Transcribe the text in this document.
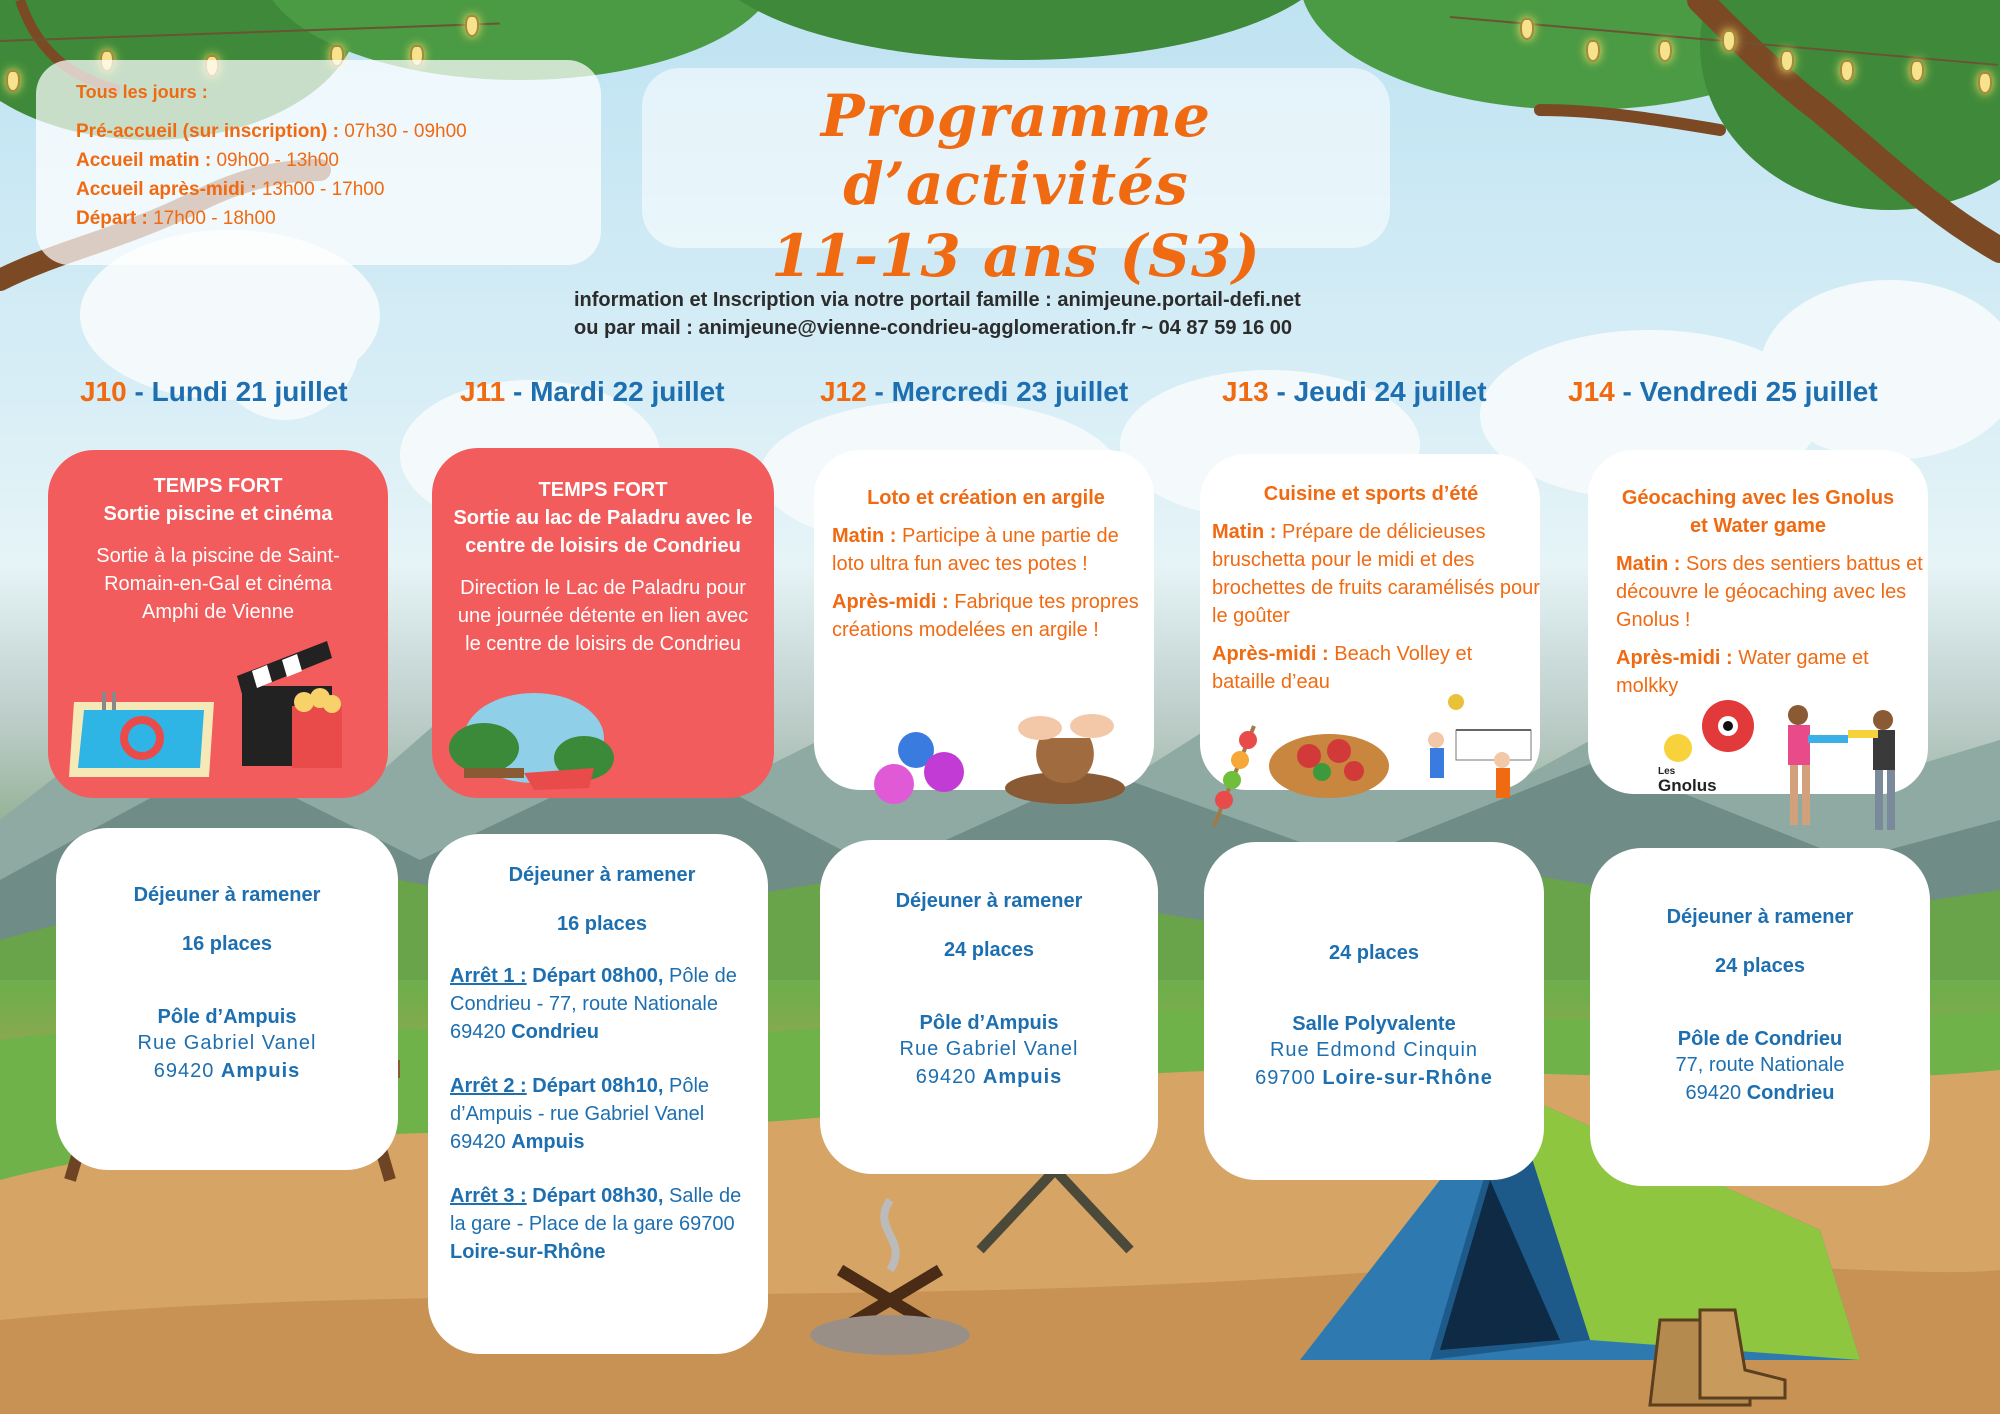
Tous les jours :
Pré-accueil (sur inscription) : 07h30 - 09h00
Accueil matin : 09h00 - 13h00
Accueil après-midi : 13h00 - 17h00
Départ : 17h00 - 18h00
Programme d’activités
11-13 ans (S3)
information et Inscription via notre portail famille : animjeune.portail-defi.net
ou par mail : animjeune@vienne-condrieu-agglomeration.fr ~ 04 87 59 16 00
J10 - Lundi 21 juillet	J11 - Mardi 22 juillet	J12 - Mercredi 23 juillet	J13 - Jeudi 24 juillet	J14 - Vendredi 25 juillet
TEMPS FORT
Sortie piscine et cinéma
Sortie à la piscine de Saint-Romain-en-Gal et cinéma Amphi de Vienne
TEMPS FORT
Sortie au lac de Paladru avec le centre de loisirs de Condrieu
Direction le Lac de Paladru pour une journée détente en lien avec le centre de loisirs de Condrieu
Loto et création en argile
Matin : Participe à une partie de loto ultra fun avec tes potes !
Après-midi : Fabrique tes propres créations modelées en argile !
Cuisine et sports d’été
Matin : Prépare de délicieuses bruschetta pour le midi et des brochettes de fruits caramélisés pour le goûter
Après-midi : Beach Volley et bataille d’eau
Géocaching avec les Gnolus et Water game
Matin : Sors des sentiers battus et découvre le géocaching avec les Gnolus !
Après-midi : Water game et molkky
Les
Gnolus
Déjeuner à ramener
16 places
Pôle d’Ampuis
Rue Gabriel Vanel
69420 Ampuis
Déjeuner à ramener
16 places
Arrêt 1 : Départ 08h00, Pôle de Condrieu - 77, route Nationale 69420 Condrieu
Arrêt 2 : Départ 08h10, Pôle d’Ampuis - rue Gabriel Vanel 69420 Ampuis
Arrêt 3 : Départ 08h30, Salle de la gare - Place de la gare 69700 Loire-sur-Rhône
Déjeuner à ramener
24 places
Pôle d’Ampuis
Rue Gabriel Vanel
69420 Ampuis
24 places
Salle Polyvalente
Rue Edmond Cinquin
69700 Loire-sur-Rhône
Déjeuner à ramener
24 places
Pôle de Condrieu
77, route Nationale
69420 Condrieu
